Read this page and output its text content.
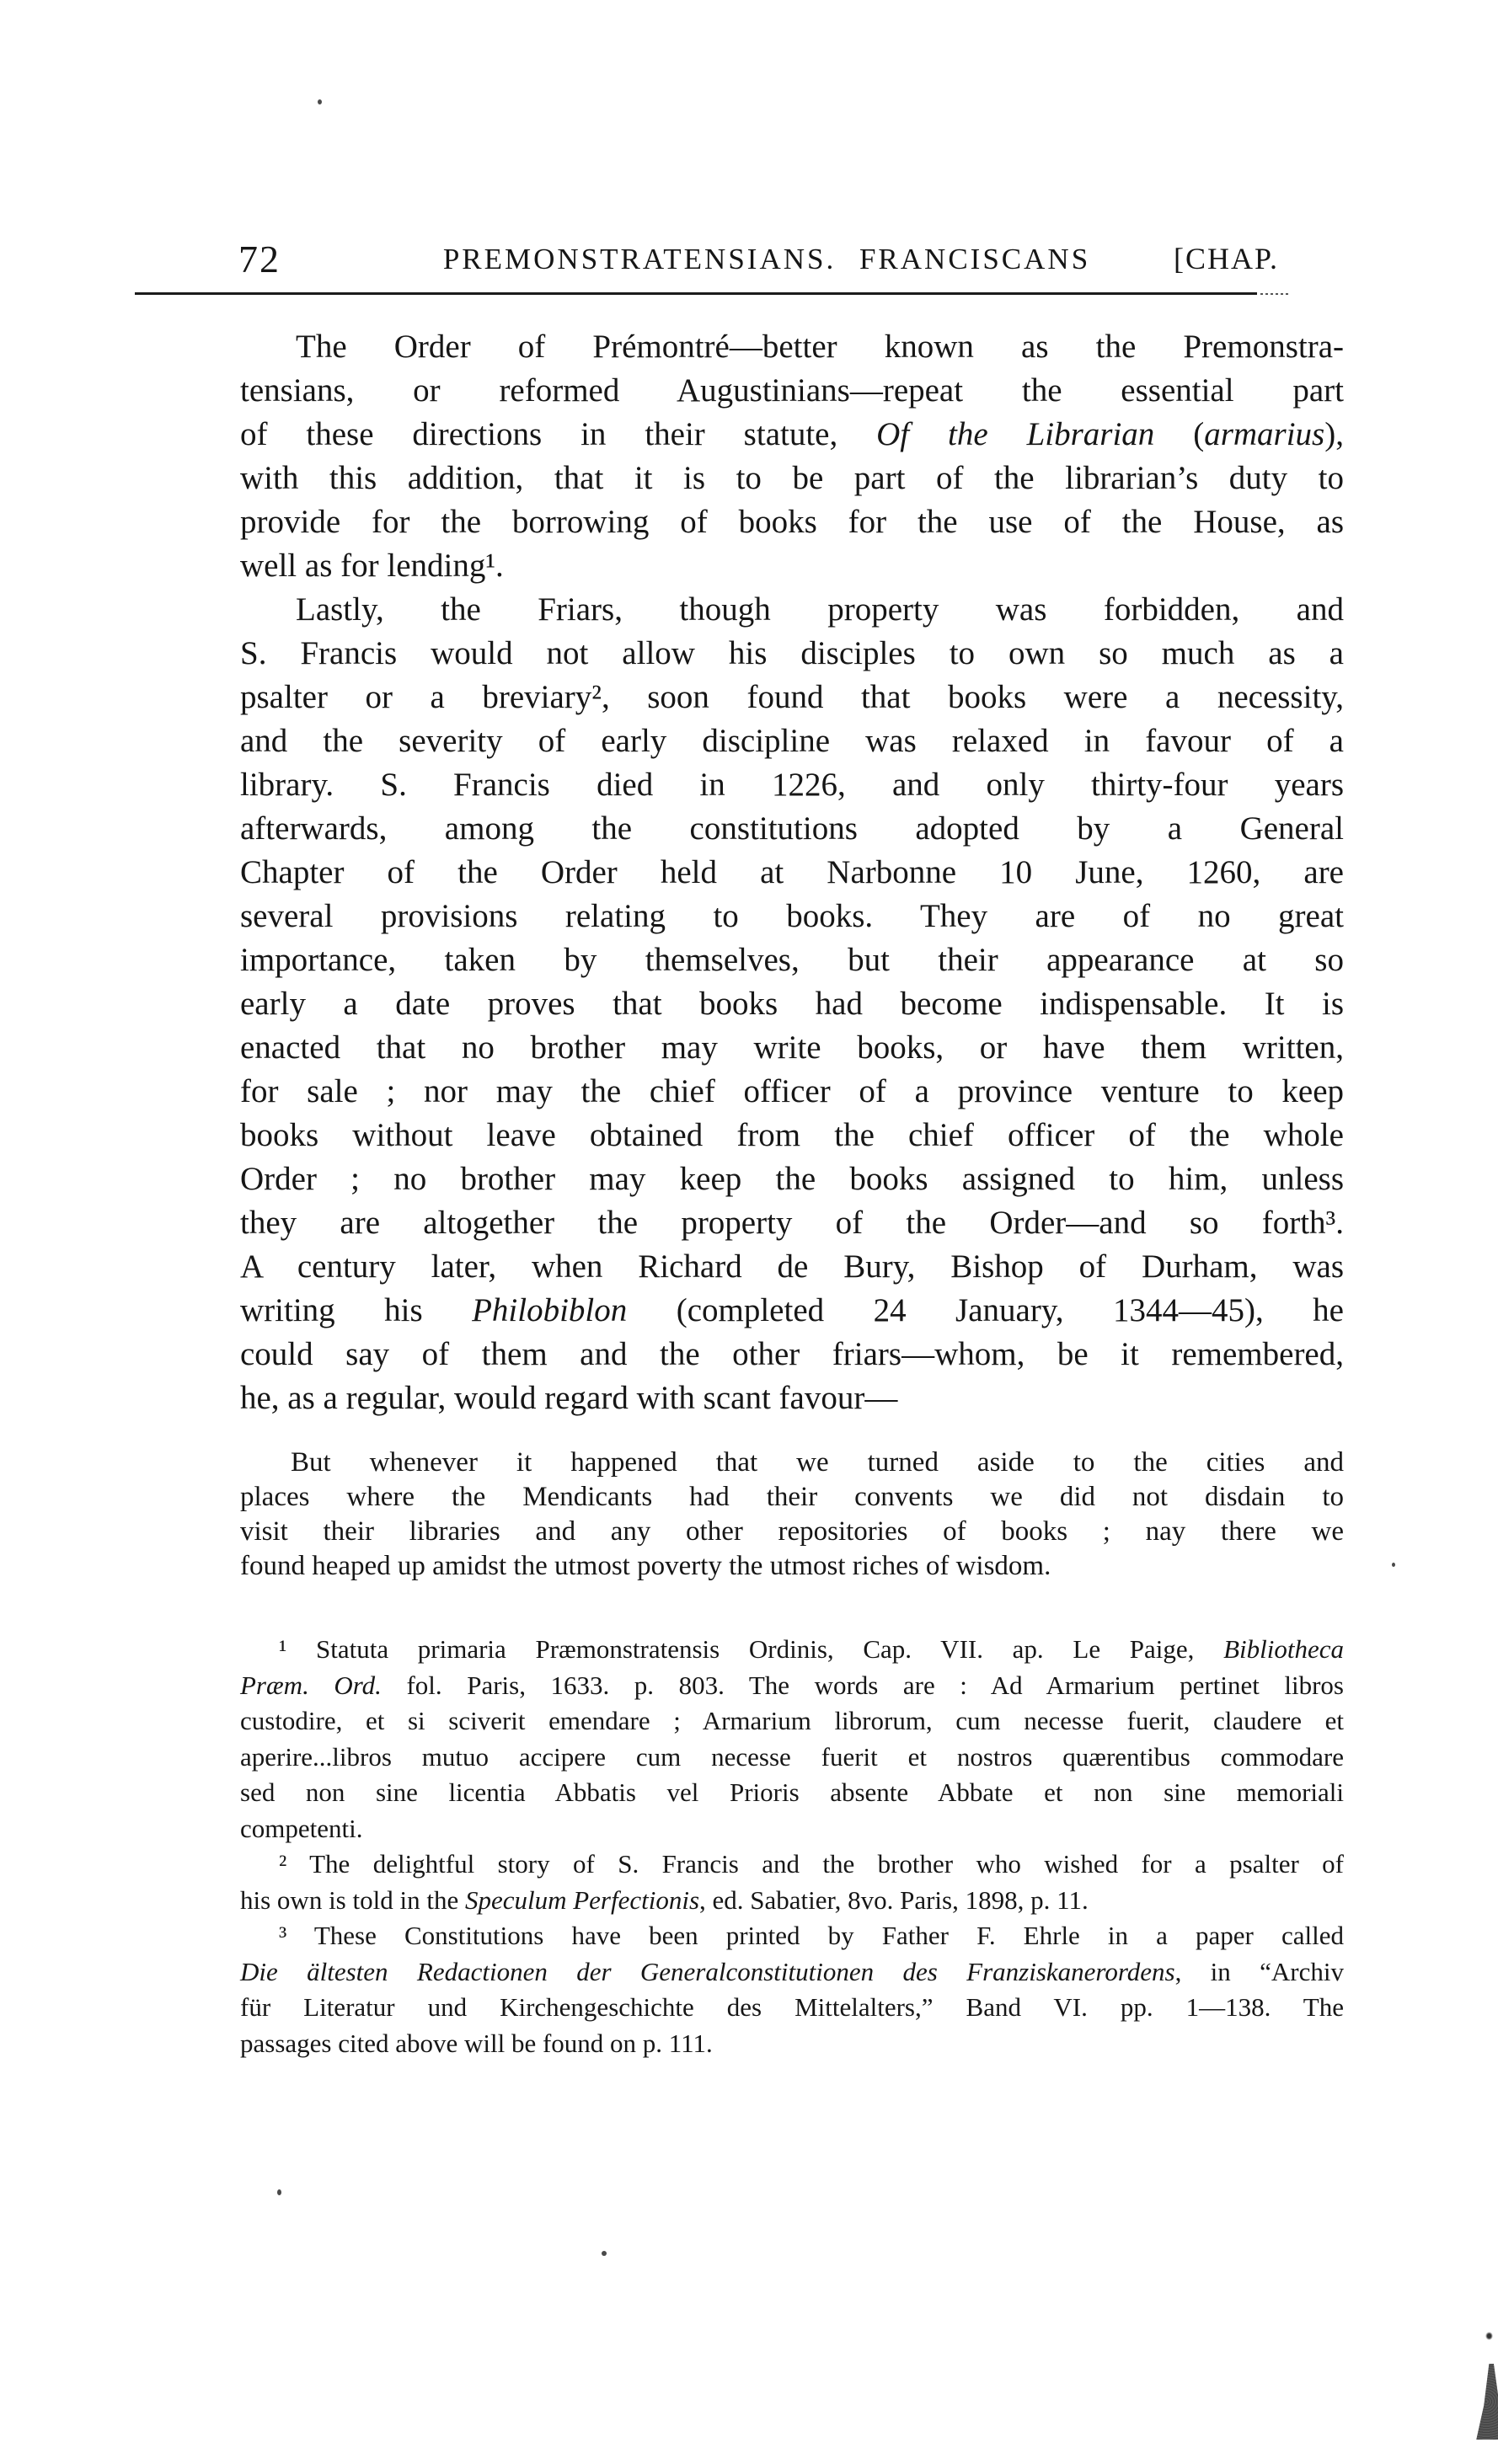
72	PREMONSTRATENSIANS. FRANCISCANS	[CHAP.
The Order of Prémontré—better known as the Premonstra-
tensians, or reformed Augustinians—repeat the essential part
of these directions in their statute, Of the Librarian (armarius),
with this addition, that it is to be part of the librarian’s duty to
provide for the borrowing of books for the use of the House, as
well as for lending¹.
Lastly, the Friars, though property was forbidden, and
S. Francis would not allow his disciples to own so much as a
psalter or a breviary², soon found that books were a necessity,
and the severity of early discipline was relaxed in favour of a
library. S. Francis died in 1226, and only thirty-four years
afterwards, among the constitutions adopted by a General
Chapter of the Order held at Narbonne 10 June, 1260, are
several provisions relating to books. They are of no great
importance, taken by themselves, but their appearance at so
early a date proves that books had become indispensable. It is
enacted that no brother may write books, or have them written,
for sale ; nor may the chief officer of a province venture to keep
books without leave obtained from the chief officer of the whole
Order ; no brother may keep the books assigned to him, unless
they are altogether the property of the Order—and so forth³.
A century later, when Richard de Bury, Bishop of Durham, was
writing his Philobiblon (completed 24 January, 1344—45), he
could say of them and the other friars—whom, be it remembered,
he, as a regular, would regard with scant favour—
But whenever it happened that we turned aside to the cities and
places where the Mendicants had their convents we did not disdain to
visit their libraries and any other repositories of books ; nay there we
found heaped up amidst the utmost poverty the utmost riches of wisdom.
¹ Statuta primaria Præmonstratensis Ordinis, Cap. VII. ap. Le Paige, Bibliotheca
Præm. Ord. fol. Paris, 1633. p. 803. The words are : Ad Armarium pertinet libros
custodire, et si sciverit emendare ; Armarium librorum, cum necesse fuerit, claudere et
aperire...libros mutuo accipere cum necesse fuerit et nostros quærentibus commodare
sed non sine licentia Abbatis vel Prioris absente Abbate et non sine memoriali
competenti.
² The delightful story of S. Francis and the brother who wished for a psalter of
his own is told in the Speculum Perfectionis, ed. Sabatier, 8vo. Paris, 1898, p. 11.
³ These Constitutions have been printed by Father F. Ehrle in a paper called
Die ältesten Redactionen der Generalconstitutionen des Franziskanerordens, in “Archiv
für Literatur und Kirchengeschichte des Mittelalters,” Band VI. pp. 1—138. The
passages cited above will be found on p. 111.
